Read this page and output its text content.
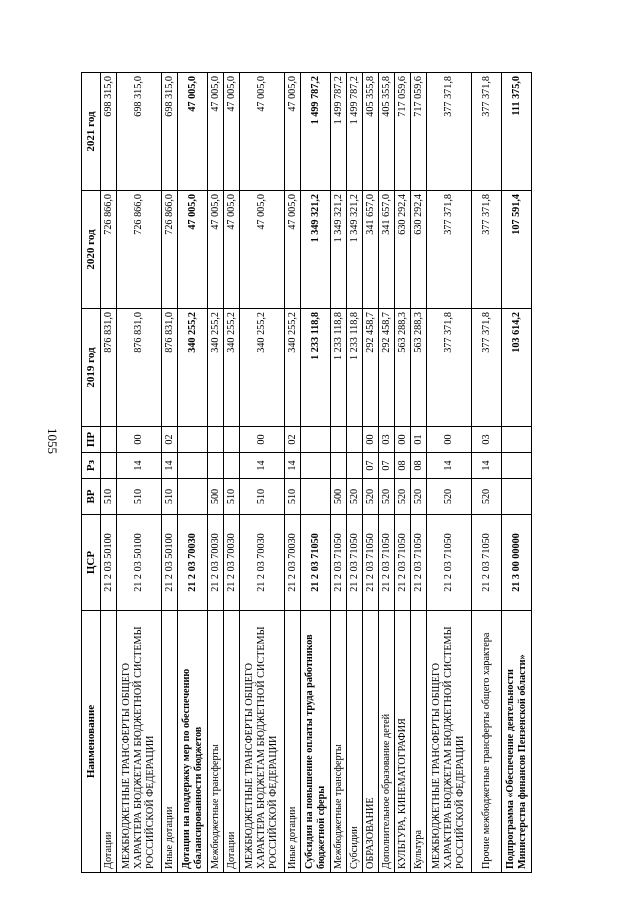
1055
Наименование	ЦСР	ВР	Рз	ПР	2019 год	2020 год	2021 год
Дотации	21 2 03 50100	510			876 831,0	726 866,0	698 315,0
МЕЖБЮДЖЕТНЫЕ ТРАНСФЕРТЫ ОБЩЕГО ХАРАКТЕРА БЮДЖЕТАМ БЮДЖЕТНОЙ СИСТЕМЫ РОССИЙСКОЙ ФЕДЕРАЦИИ	21 2 03 50100	510	14	00	876 831,0	726 866,0	698 315,0
Иные дотации	21 2 03 50100	510	14	02	876 831,0	726 866,0	698 315,0
Дотации на поддержку мер по обеспечению сбалансированности бюджетов	21 2 03 70030				340 255,2	47 005,0	47 005,0
Межбюджетные трансферты	21 2 03 70030	500			340 255,2	47 005,0	47 005,0
Дотации	21 2 03 70030	510			340 255,2	47 005,0	47 005,0
МЕЖБЮДЖЕТНЫЕ ТРАНСФЕРТЫ ОБЩЕГО ХАРАКТЕРА БЮДЖЕТАМ БЮДЖЕТНОЙ СИСТЕМЫ РОССИЙСКОЙ ФЕДЕРАЦИИ	21 2 03 70030	510	14	00	340 255,2	47 005,0	47 005,0
Иные дотации	21 2 03 70030	510	14	02	340 255,2	47 005,0	47 005,0
Субсидия на повышение оплаты труда работников бюджетной сферы	21 2 03 71050				1 233 118,8	1 349 321,2	1 499 787,2
Межбюджетные трансферты	21 2 03 71050	500			1 233 118,8	1 349 321,2	1 499 787,2
Субсидии	21 2 03 71050	520			1 233 118,8	1 349 321,2	1 499 787,2
ОБРАЗОВАНИЕ	21 2 03 71050	520	07	00	292 458,7	341 657,0	405 355,8
Дополнительное образование детей	21 2 03 71050	520	07	03	292 458,7	341 657,0	405 355,8
КУЛЬТУРА, КИНЕМАТОГРАФИЯ	21 2 03 71050	520	08	00	563 288,3	630 292,4	717 059,6
Культура	21 2 03 71050	520	08	01	563 288,3	630 292,4	717 059,6
МЕЖБЮДЖЕТНЫЕ ТРАНСФЕРТЫ ОБЩЕГО ХАРАКТЕРА БЮДЖЕТАМ БЮДЖЕТНОЙ СИСТЕМЫ РОССИЙСКОЙ ФЕДЕРАЦИИ	21 2 03 71050	520	14	00	377 371,8	377 371,8	377 371,8
Прочие межбюджетные трансферты общего характера	21 2 03 71050	520	14	03	377 371,8	377 371,8	377 371,8
Подпрограмма «Обеспечение деятельности Министерства финансов Пензенской области»	21 3 00 00000				103 614,2	107 591,4	111 375,0
